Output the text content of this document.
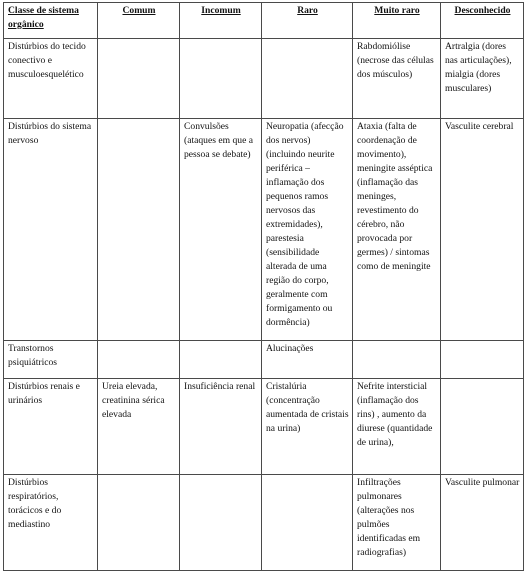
Classe de sistema orgânico	Comum	Incomum	Raro	Muito raro	Desconhecido
Distúrbios do tecido conectivo e musculoesquelético				Rabdomiólise (necrose das células dos músculos)	Artralgia (dores nas articulações), mialgia (dores musculares)
Distúrbios do sistema nervoso		Convulsões (ataques em que a pessoa se debate)	Neuropatia (afecção dos nervos) (incluindo neurite periférica – inflamação dos pequenos ramos nervosos das extremidades), parestesia (sensibilidade alterada de uma região do corpo, geralmente com formigamento ou dormência)	Ataxia (falta de coordenação de movimento), meningite asséptica (inflamação das meninges, revestimento do cérebro, não provocada por germes) / sintomas como de meningite	Vasculite cerebral
Transtornos psiquiátricos			Alucinações		
Distúrbios renais e urinários	Ureia elevada, creatinina sérica elevada	Insuficiência renal	Cristalúria (concentração aumentada de cristais na urina)	Nefrite intersticial (inflamação dos rins) , aumento da diurese (quantidade de urina),	
Distúrbios respiratórios, torácicos e do mediastino				Infiltrações pulmonares (alterações nos pulmões identificadas em radiografias)	Vasculite pulmonar
